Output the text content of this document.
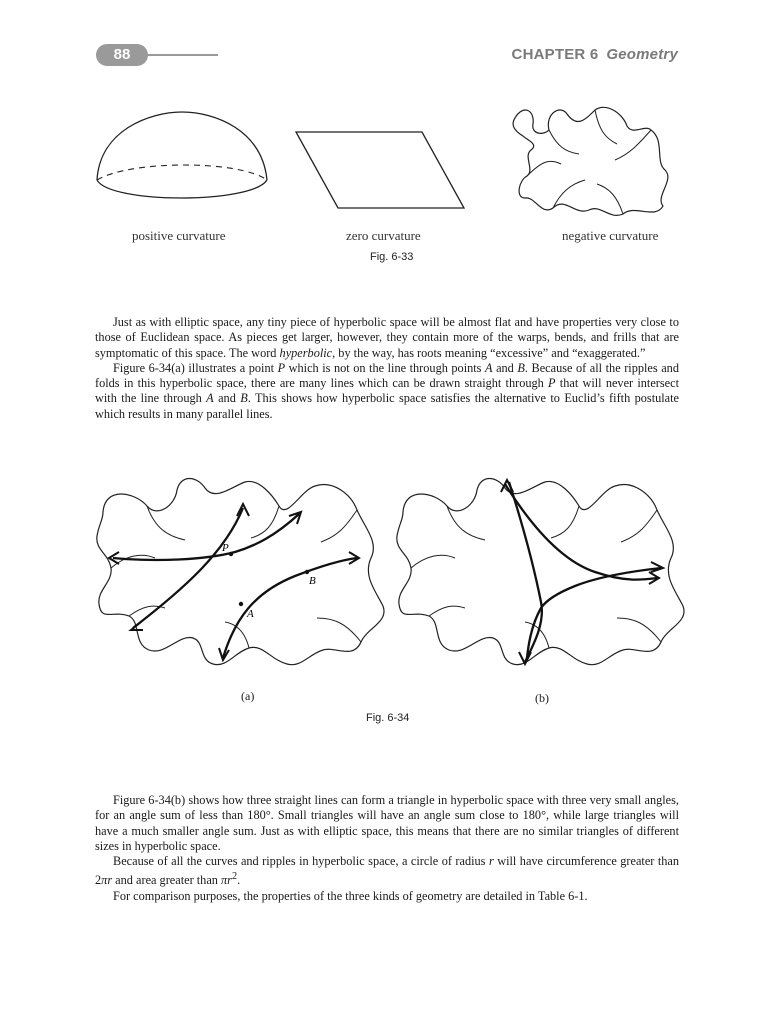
88	CHAPTER 6 Geometry
positive curvature	zero curvature	negative curvature
Fig. 6-33

Just as with elliptic space, any tiny piece of hyperbolic space will be almost flat and have properties very close to those of Euclidean space. As pieces get larger, however, they contain more of the warps, bends, and frills that are symptomatic of this space. The word hyperbolic, by the way, has roots meaning “excessive” and “exaggerated.”

Figure 6-34(a) illustrates a point P which is not on the line through points A and B. Because of all the ripples and folds in this hyperbolic space, there are many lines which can be drawn straight through P that will never intersect with the line through A and B. This shows how hyperbolic space satisfies the alternative to Euclid’s fifth postulate which results in many parallel lines.

P
A
B
(a)	(b)
Fig. 6-34

Figure 6-34(b) shows how three straight lines can form a triangle in hyperbolic space with three very small angles, for an angle sum of less than 180°. Small triangles will have an angle sum close to 180°, while large triangles will have a much smaller angle sum. Just as with elliptic space, this means that there are no similar triangles of different sizes in hyperbolic space.

Because of all the curves and ripples in hyperbolic space, a circle of radius r will have circumference greater than 2πr and area greater than $\pi r^2$.

For comparison purposes, the properties of the three kinds of geometry are detailed in Table 6-1.
